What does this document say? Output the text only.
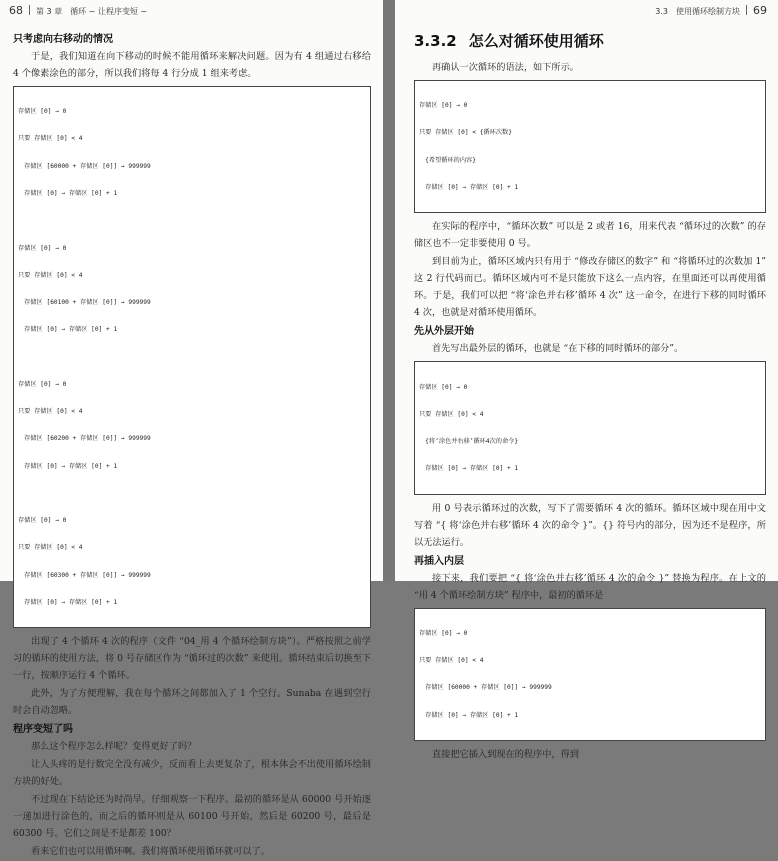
68 第 3 章　循环 ~ 让程序变短 ~
只考虑向右移动的情况

于是，我们知道在向下移动的时候不能用循环来解决问题。因为有 4 组通过右移给 4 个像素涂色的部分，所以我们将每 4 行分成 1 组来考虑。

存储区 [0] → 0

只要 存储区 [0] < 4

　存储区 [60000 + 存储区 [0]] → 999999

　存储区 [0] → 存储区 [0] + 1

存储区 [0] → 0

只要 存储区 [0] < 4

　存储区 [60100 + 存储区 [0]] → 999999

　存储区 [0] → 存储区 [0] + 1

存储区 [0] → 0

只要 存储区 [0] < 4

　存储区 [60200 + 存储区 [0]] → 999999

　存储区 [0] → 存储区 [0] + 1

存储区 [0] → 0

只要 存储区 [0] < 4

　存储区 [60300 + 存储区 [0]] → 999999

　存储区 [0] → 存储区 [0] + 1

出现了 4 个循环 4 次的程序（文件 “04_用 4 个循环绘制方块”）。严格按照之前学习的循环的使用方法，将 0 号存储区作为 “循环过的次数” 来使用。循环结束后切换至下一行，按顺序运行 4 个循环。

此外，为了方便理解，我在每个循环之间都加入了 1 个空行。Sunaba 在遇到空行时会自动忽略。

程序变短了吗

那么这个程序怎么样呢？变得更好了吗？

让人头疼的是行数完全没有减少，反而看上去更复杂了，根本体会不出使用循环绘制方块的好处。

不过现在下结论还为时尚早。仔细观察一下程序。最初的循环是从 60000 号开始逐一递加进行涂色的，而之后的循环则是从 60100 号开始，然后是 60200 号，最后是 60300 号。它们之间是不是都差 100？

看来它们也可以用循环啊。我们将循环使用循环就可以了。

3.3　使用循环绘制方块 69
3.3.2 怎么对循环使用循环

再确认一次循环的语法，如下所示。

存储区 [0] → 0

只要 存储区 [0] < {循环次数}

　{希望循环的内容}

　存储区 [0] → 存储区 [0] + 1

在实际的程序中，“循环次数” 可以是 2 或者 16，用来代表 “循环过的次数” 的存储区也不一定非要使用 0 号。

到目前为止，循环区域内只有用于 “修改存储区的数字” 和 “将循环过的次数加 1” 这 2 行代码而已。循环区域内可不是只能放下这么一点内容，在里面还可以再使用循环。于是，我们可以把 “将‘涂色并右移’循环 4 次” 这一命令，在进行下移的同时循环 4 次，也就是对循环使用循环。

先从外层开始

首先写出最外层的循环，也就是 “在下移的同时循环的部分”。

存储区 [0] → 0

只要 存储区 [0] < 4

　{将‘涂色并右移’循环4次的命令}

　存储区 [0] → 存储区 [0] + 1

用 0 号表示循环过的次数，写下了需要循环 4 次的循环。循环区域中现在用中文写着 “{ 将‘涂色并右移’循环 4 次的命令 }”。{} 符号内的部分，因为还不是程序，所以无法运行。

再插入内层

接下来，我们要把 “{ 将‘涂色并右移’循环 4 次的命令 }” 替换为程序。在上文的 “用 4 个循环绘制方块” 程序中，最初的循环是

存储区 [0] → 0

只要 存储区 [0] < 4

　存储区 [60000 + 存储区 [0]] → 999999

　存储区 [0] → 存储区 [0] + 1

直接把它插入到现在的程序中，得到
